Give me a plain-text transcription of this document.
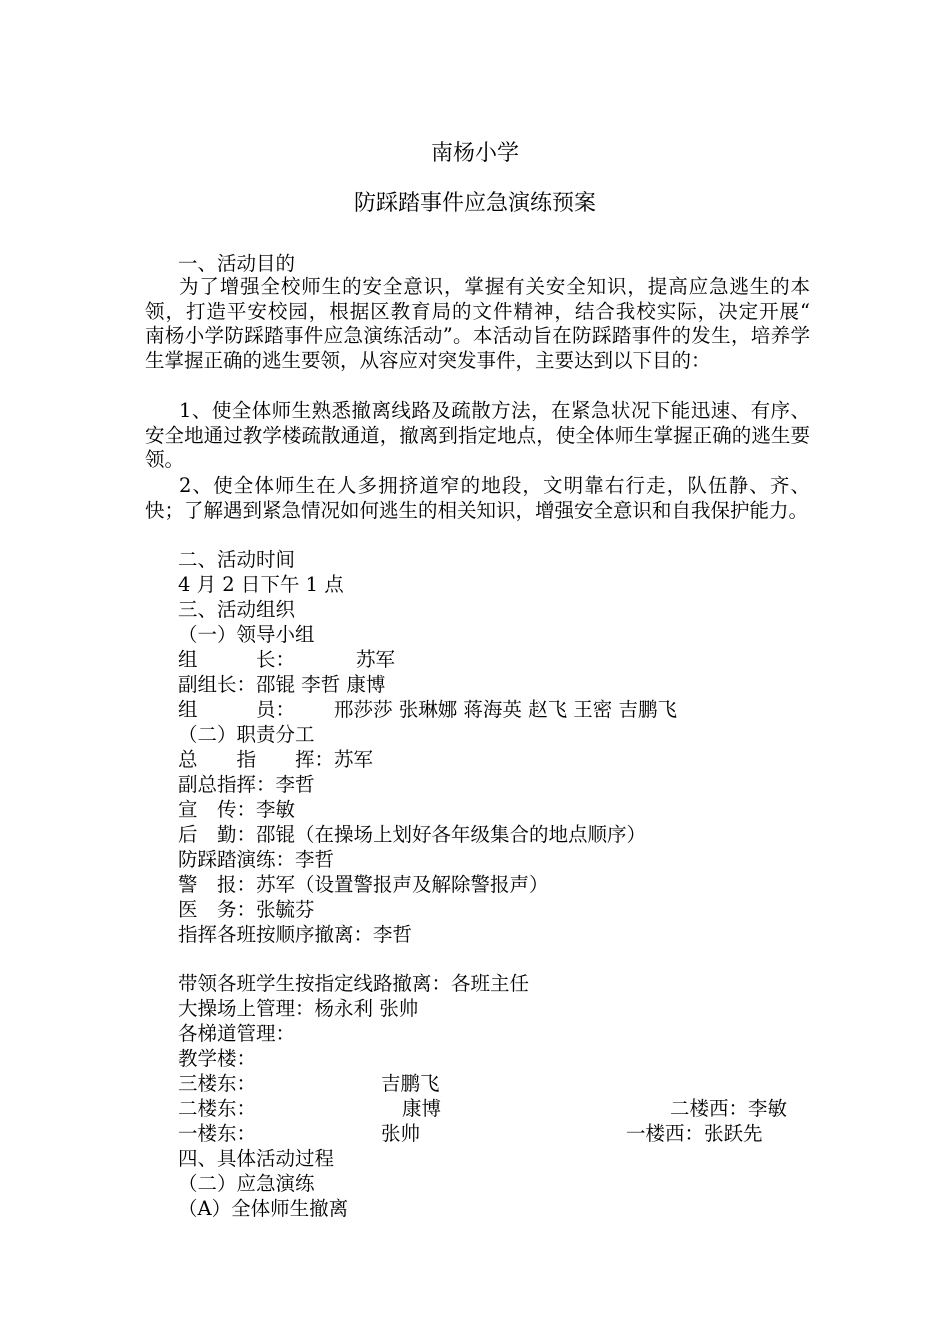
南杨小学
防踩踏事件应急演练预案
一、活动目的
为了增强全校师生的安全意识，掌握有关安全知识，提高应急逃生的本领，打造平安校园，根据区教育局的文件精神，结合我校实际，决定开展“　南杨小学防踩踏事件应急演练活动”。本活动旨在防踩踏事件的发生，培养学生掌握正确的逃生要领，从容应对突发事件，主要达到以下目的：
1、使全体师生熟悉撤离线路及疏散方法，在紧急状况下能迅速、有序、安全地通过教学楼疏散通道，撤离到指定地点，使全体师生掌握正确的逃生要领。
2、使全体师生在人多拥挤道窄的地段，文明靠右行走，队伍静、齐、快；了解遇到紧急情况如何逃生的相关知识，增强安全意识和自我保护能力。
二、活动时间
4 月 2 日下午 1 点
三、活动组织
（一）领导小组
组　　　长：	苏军
副组长：邵锟 李哲 康博
组　　　员： 邢莎莎 张琳娜 蒋海英 赵飞 王密 吉鹏飞
（二）职责分工
总　　指　　挥：苏军
副总指挥：李哲
宣　传：李敏
后　勤：邵锟（在操场上划好各年级集合的地点顺序）
防踩踏演练：李哲
警　报：苏军（设置警报声及解除警报声）
医　务：张毓芬
指挥各班按顺序撤离：李哲
带领各班学生按指定线路撤离：各班主任
大操场上管理：杨永利 张帅
各梯道管理：
教学楼：
三楼东：	吉鹏飞
二楼东：	康博	二楼西：李敏
一楼东：	张帅	一楼西：张跃先
四、具体活动过程
（二）应急演练
（A）全体师生撤离
